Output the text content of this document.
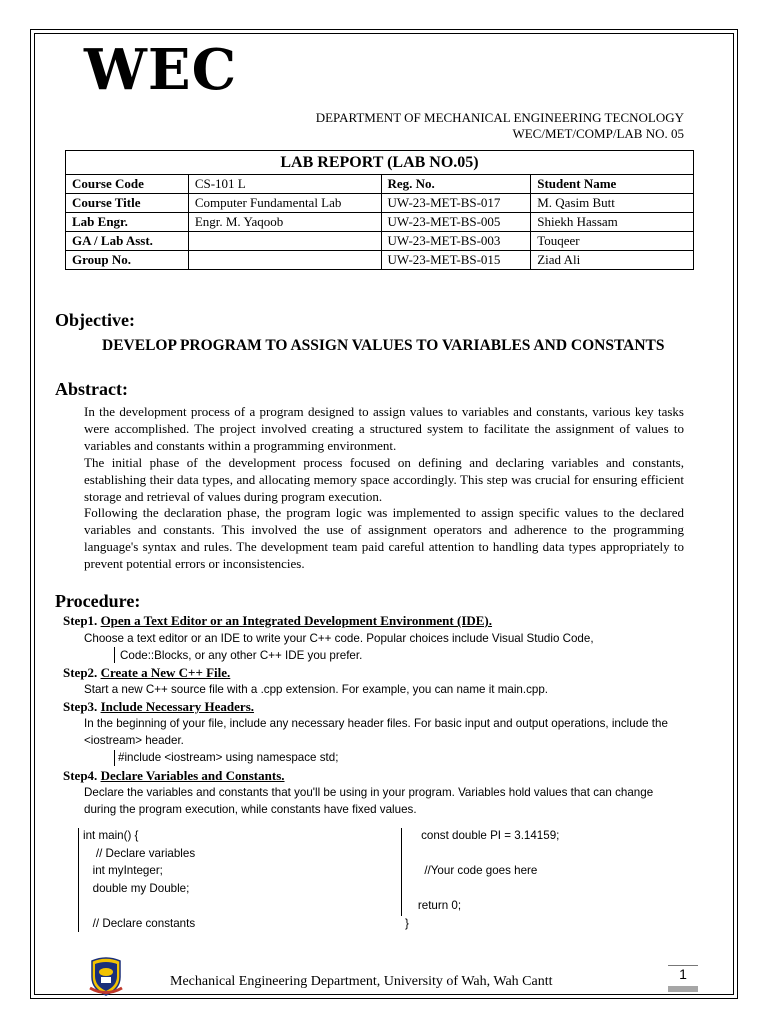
WEC
DEPARTMENT OF MECHANICAL ENGINEERING TECNOLOGY
WEC/MET/COMP/LAB NO. 05
LAB REPORT (LAB NO.05)			
Course Code	CS-101 L	Reg. No.	Student Name
Course Title	Computer Fundamental Lab	UW-23-MET-BS-017	M. Qasim Butt
Lab Engr.	Engr. M. Yaqoob	UW-23-MET-BS-005	Shiekh Hassam
GA / Lab Asst.		UW-23-MET-BS-003	Touqeer
Group No.		UW-23-MET-BS-015	Ziad Ali
Objective:
DEVELOP PROGRAM TO ASSIGN VALUES TO VARIABLES AND CONSTANTS
Abstract:

In the development process of a program designed to assign values to variables and constants, various key tasks were accomplished. The project involved creating a structured system to facilitate the assignment of values to variables and constants within a programming environment.

The initial phase of the development process focused on defining and declaring variables and constants, establishing their data types, and allocating memory space accordingly. This step was crucial for ensuring efficient storage and retrieval of values during program execution.

Following the declaration phase, the program logic was implemented to assign specific values to the declared variables and constants. This involved the use of assignment operators and adherence to the programming language's syntax and rules. The development team paid careful attention to handling data types appropriately to prevent potential errors or inconsistencies.

Procedure:
Step1. Open a Text Editor or an Integrated Development Environment (IDE).
Choose a text editor or an IDE to write your C++ code. Popular choices include Visual Studio Code,
Code::Blocks, or any other C++ IDE you prefer.
Step2. Create a New C++ File.
Start a new C++ source file with a .cpp extension. For example, you can name it main.cpp.
Step3. Include Necessary Headers.
In the beginning of your file, include any necessary header files. For basic input and output operations, include the <iostream> header.
#include <iostream> using namespace std;
Step4. Declare Variables and Constants.
Declare the variables and constants that you'll be using in your program. Variables hold values that can change during the program execution, while constants have fixed values.
int main() {
// Declare variables
int myInteger;
double my Double;
// Declare constants
const double PI = 3.14159;
//Your code goes here
return 0;
}
Mechanical Engineering Department, University of Wah, Wah Cantt	1
